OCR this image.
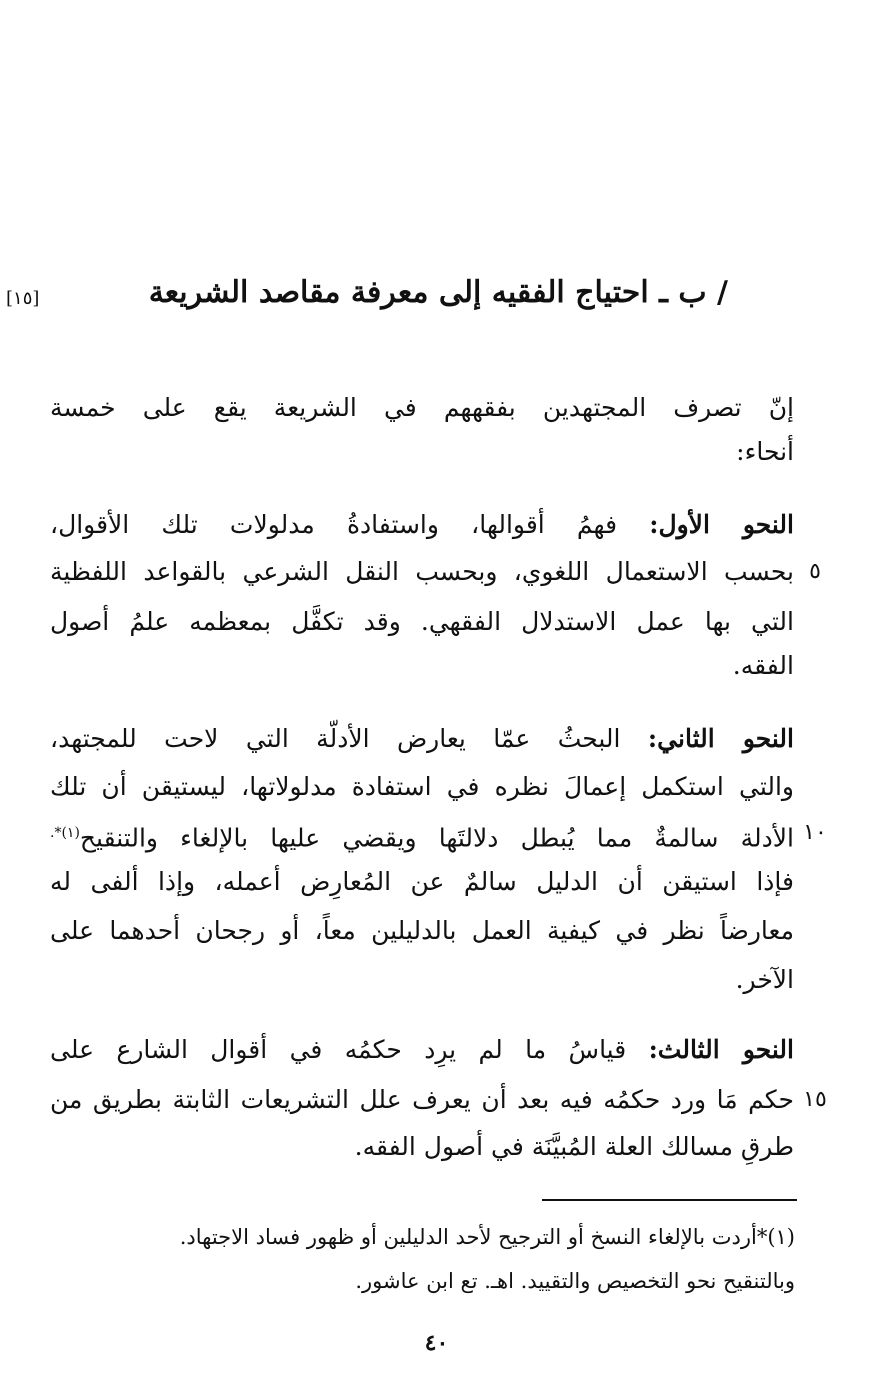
/ ب ـ احتياج الفقيه إلى معرفة مقاصد الشريعة
[١٥]
إنّ تصرف المجتهدين بفقههم في الشريعة يقع على خمسة
أنحاء:
النحو الأول: فهمُ أقوالها، واستفادةُ مدلولات تلك الأقوال،
بحسب الاستعمال اللغوي، وبحسب النقل الشرعي بالقواعد اللفظية ٥
التي بها عمل الاستدلال الفقهي. وقد تكفَّل بمعظمه علمُ أصول
الفقه.
النحو الثاني: البحثُ عمّا يعارض الأدلّة التي لاحت للمجتهد،
والتي استكمل إعمالَ نظره في استفادة مدلولاتها، ليستيقن أن تلك
الأدلة سالمةٌ مما يُبطل دلالتَها ويقضي عليها بالإلغاء والتنقيح$^{(١)*.}$	١٠
فإذا استيقن أن الدليل سالمٌ عن المُعارِض أعمله، وإذا ألفى له
معارضاً نظر في كيفية العمل بالدليلين معاً، أو رجحان أحدهما على
الآخر.
النحو الثالث: قياسُ ما لم يرِد حكمُه في أقوال الشارع على
حكم مَا ورد حكمُه فيه بعد أن يعرف علل التشريعات الثابتة بطريق من ١٥
طرقِ مسالك العلة المُبيَّنَة في أصول الفقه.
(١)*أردت بالإلغاء النسخ أو الترجيح لأحد الدليلين أو ظهور فساد الاجتهاد.
وبالتنقيح نحو التخصيص والتقييد. اهـ. تع ابن عاشور.
٤٠
